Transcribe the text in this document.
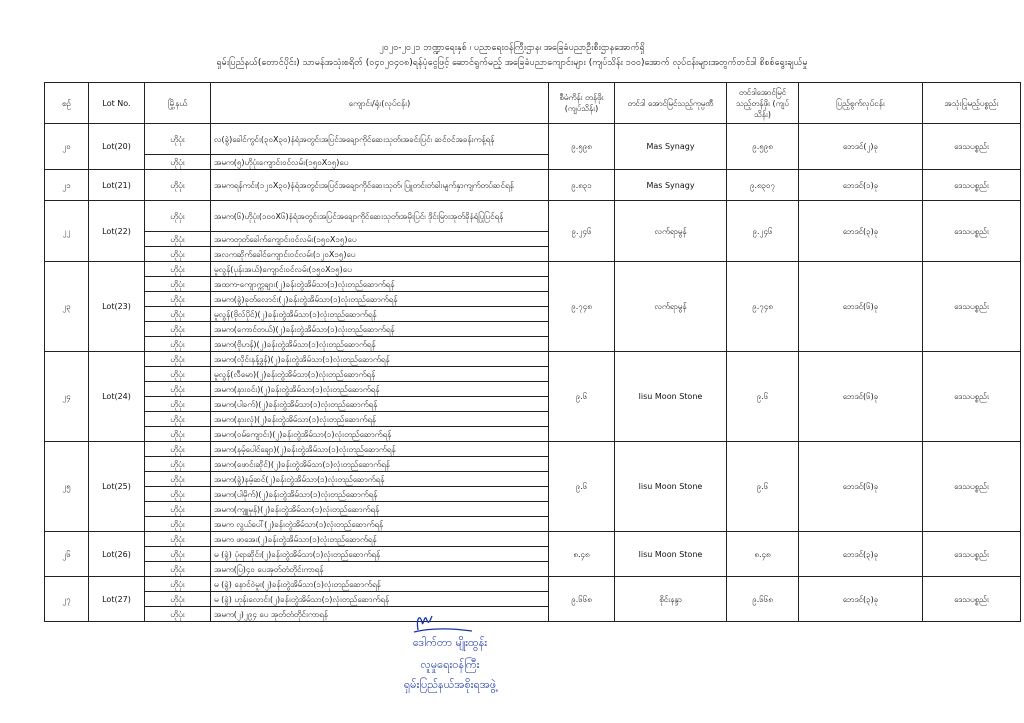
၂၀၂၀-၂၀၂၁ ဘဏ္ဍာရေးနှစ် ၊ ပညာရေးဝန်ကြီးဌာန၊ အခြေခံပညာဦးစီးဌာနအောက်ရှိ
ရှမ်းပြည်နယ်(တောင်ပိုင်း) သာမန်အသုံးစရိတ် (၀၄၀၂၀၄၀၈)ရန်ပုံငွေဖြင့် ဆောင်ရွက်မည့် အခြေခံပညာကျောင်းများ (ကျပ်သိန်း ၁၀၀)အောက် လုပ်ငန်းများအတွက်တင်ဒါ စိစစ်ရွေးချယ်မှု
စဉ်	Lot No.	မြို့နယ်	ကျောင်း/ရုံး(လုပ်ငန်း)	စီမံကိန်း တန်ဖိုး (ကျပ်သိန်း)	တင်ဒါ အောင်မြင်သည့်ကုမ္ပဏီ	တင်ဒါအောင်မြင် သည့်တန်ဖိုး (ကျပ်သိန်း)	ပြည့်စွက်လုပ်ငန်း	အသုံးပြုမည့်ပစ္စည်း
၂၀	Lot(20)	ဟိုပုံး	လ(ခွဲ)ခေါင်ကွင်း(၃၀X၃၀)နံရံအတွင်းအပြင်အချောကိုင်ဆေးသုတ်၊အခင်းပြင်၊ ဆင်ဝင်အခန်းကန့်ရန်	၉.၅၉၈	Mas Synagy	၉.၅၉၈	ဘေဒင်(၂)ခု	ဒေသပစ္စည်း
		ဟိုပုံး	အမက(၅)ဟိုပုံးကျောင်းဝင်လမ်း(၁၅၀X၁၅)ပေ					
၂၁	Lot(21)	ဟိုပုံး	အမကရန်ကင်း(၁၂၀X၃၀)နံရံအတွင်းအပြင်အချောကိုင်ဆေးသုတ်၊ ပြူတင်းတံခါးမျက်နှာကျက်တပ်ဆင်ရန်	၉.၈၃၁	Mas Synagy	၉.၈၃၀၇	ဘေဒင်(၁)ခု	ဒေသပစ္စည်း
၂၂	Lot(22)	ဟိုပုံး	အမက(၆)ဟိုပုံး(၁၀၀X၆)နံရံအတွင်းအပြင်အချောကိုင်ဆေးသုတ်၊အမိုးပြင်၊ ဒိုင်းမြားအုတ်ခိုနံရံပြုပြင်ရန်	၉.၂၄၆	လက်ရာမွန်	၉.၂၄၆	ဘေဒင်(၃)ခု	ဒေသပစ္စည်း
		ဟိုပုံး	အမကတုတ်ခေါက်ကျောင်းဝင်လမ်း(၁၅၀X၁၅)ပေ					
		ဟိုပုံး	အလကဆိုက်ခေါင်ကျောင်းဝင်လမ်း(၁၂၀X၁၅)ပေ					
၂၃	Lot(23)	ဟိုပုံး	မူလွန်(ပုန်းအယ်)ကျောင်းဝင်လမ်း(၁၅၀X၁၅)ပေ	၉.၇၄၈	လက်ရာမွန်	၉.၇၄၈	ဘေဒင်(၆)ခု	ဒေသပစ္စည်း
		ဟိုပုံး	အထက-ကျောက္ကချား(၂)ခန်းတွဲအိမ်သာ(၁)လုံးတည်ဆောက်ရန်					
		ဟိုပုံး	အမက(ခွဲ)ခုတ်လောင်း(၂)ခန်းတွဲအိမ်သာ(၁)လုံးတည်ဆောက်ရန်					
		ဟိုပုံး	မူလွန်(ဗိုလ်ပိုင်)(၂)ခန်းတွဲအိမ်သာ(၁)လုံးတည်ဆောက်ရန်					
		ဟိုပုံး	အမက(ကောင်တယ်)(၂)ခန်းတွဲအိမ်သာ(၁)လုံးတည်ဆောက်ရန်					
		ဟိုပုံး	အမက(ဗိုဟန်)(၂)ခန်းတွဲအိမ်သာ(၁)လုံးတည်ဆောက်ရန်					
၂၄	Lot(24)	ဟိုပုံး	အမက(လိုင်းနန့်ဒွန်)(၂)ခန်းတွဲအိမ်သာ(၁)လုံးတည်ဆောက်ရန်	၉.၆	lisu Moon Stone	၉.၆	ဘေဒင်(၆)ခု	ဒေသပစ္စည်း
		ဟိုပုံး	မူလွန်(လီမော)(၂)ခန်းတွဲအိမ်သာ(၁)လုံးတည်ဆောက်ရန်					
		ဟိုပုံး	အမက(နားဝင်း)(၂)ခန်းတွဲအိမ်သာ(၁)လုံးတည်ဆောက်ရန်					
		ဟိုပုံး	အမက(ပါခက်)(၂)ခန်းတွဲအိမ်သာ(၁)လုံးတည်ဆောက်ရန်					
		ဟိုပုံး	အမက(နားလုံ)(၂)ခန်းတွဲအိမ်သာ(၁)လုံးတည်ဆောက်ရန်					
		ဟိုပုံး	အမက(ဝမ်ကျောင်း)(၂)ခန်းတွဲအိမ်သာ(၁)လုံးတည်ဆောက်ရန်					
၂၅	Lot(25)	ဟိုပုံး	အမက(နမ့်ပေါင်ချော)(၂)ခန်းတွဲအိမ်သာ(၁)လုံးတည်ဆောက်ရန်	၉.၆	lisu Moon Stone	၉.၆	ဘေဒင်(၆)ခု	ဒေသပစ္စည်း
		ဟိုပုံး	အမက(ဖောင်းဆိုင်)(၂)ခန်းတွဲအိမ်သာ(၁)လုံးတည်ဆောက်ရန်					
		ဟိုပုံး	အမက(ခွဲ)နမ့်ဆင်(၂)ခန်းတွဲအိမ်သာ(၁)လုံးတည်ဆောက်ရန်					
		ဟိုပုံး	အမက(ပါမိုက်)(၂)ခန်းတွဲအိမ်သာ(၁)လုံးတည်ဆောက်ရန်					
		ဟိုပုံး	အမက(ကျူမုန်)(၂)ခန်းတွဲအိမ်သာ(၁)လုံးတည်ဆောက်ရန်					
		ဟိုပုံး	အမက လွယ်ပေါ်(၂)ခန်းတွဲအိမ်သာ(၁)လုံးတည်ဆောက်ရန်					
၂၆	Lot(26)	ဟိုပုံး	အမက ဖာအေး(၂)ခန်းတွဲအိမ်သာ(၁)လုံးတည်ဆောက်ရန်	၈.၄၈	lisu Moon Stone	၈.၄၈	ဘေဒင်(၃)ခု	ဒေသပစ္စည်း
		ဟိုပုံး	မ (ခွဲ) ပုံရာဆိုင်း(၂)ခန်းတွဲအိမ်သာ(၁)လုံးတည်ဆောက်ရန်					
		ဟိုပုံး	အမက(ပြ)၄၀ ပေအုတ်တံတိုင်းကာရန်					
၂၇	Lot(27)	ဟိုပုံး	မ (ခွဲ) နောင်ဝဲမူး(၂)ခန်းတွဲအိမ်သာ(၁)လုံးတည်ဆောက်ရန်	၉.၆၆၈	စိုင်းနန္ဒာ	၉.၆၆၈	ဘေဒင်(၃)ခု	ဒေသပစ္စည်း
		ဟိုပုံး	မ (ခွဲ) ဟုန်းလောင်း(၂)ခန်းတွဲအိမ်သာ(၁)လုံးတည်ဆောက်ရန်					
		ဟိုပုံး	အမက(၂)၂၉၄ ပေ အုတ်တံတိုင်းကာရန်					
ဒေါက်တာ မျိုးထွန်း
လူမှုရေးဝန်ကြီး
ရှမ်းပြည်နယ်အစိုးရအဖွဲ့
